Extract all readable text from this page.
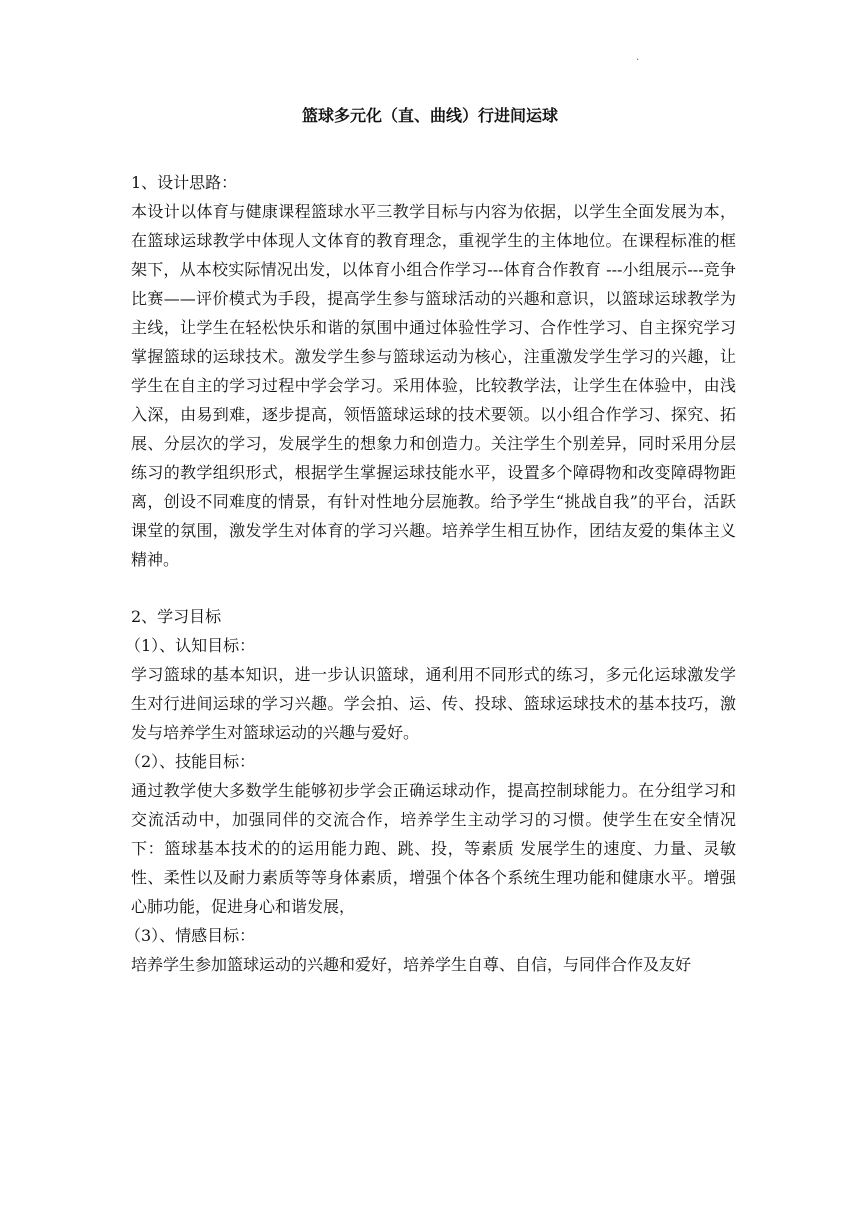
·
篮球多元化（直、曲线）行进间运球

1、设计思路：

本设计以体育与健康课程篮球水平三教学目标与内容为依据，以学生全面发展为本，在篮球运球教学中体现人文体育的教育理念，重视学生的主体地位。在课程标准的框架下，从本校实际情况出发，以体育小组合作学习---体育合作教育 ---小组展示---竞争比赛——评价模式为手段，提高学生参与篮球活动的兴趣和意识，以篮球运球教学为主线，让学生在轻松快乐和谐的氛围中通过体验性学习、合作性学习、自主探究学习掌握篮球的运球技术。激发学生参与篮球运动为核心，注重激发学生学习的兴趣，让学生在自主的学习过程中学会学习。采用体验，比较教学法，让学生在体验中，由浅入深，由易到难，逐步提高，领悟篮球运球的技术要领。以小组合作学习、探究、拓展、分层次的学习，发展学生的想象力和创造力。关注学生个别差异，同时采用分层练习的教学组织形式，根据学生掌握运球技能水平，设置多个障碍物和改变障碍物距离，创设不同难度的情景，有针对性地分层施教。给予学生“挑战自我”的平台，活跃课堂的氛围，激发学生对体育的学习兴趣。培养学生相互协作，团结友爱的集体主义精神。

2、学习目标

（1）、认知目标：

学习篮球的基本知识，进一步认识篮球，通利用不同形式的练习，多元化运球激发学生对行进间运球的学习兴趣。学会拍、运、传、投球、篮球运球技术的基本技巧，激发与培养学生对篮球运动的兴趣与爱好。

（2）、技能目标：

通过教学使大多数学生能够初步学会正确运球动作，提高控制球能力。在分组学习和交流活动中，加强同伴的交流合作，培养学生主动学习的习惯。使学生在安全情况下：篮球基本技术的的运用能力跑、跳、投，等素质 发展学生的速度、力量、灵敏性、柔性以及耐力素质等等身体素质，增强个体各个系统生理功能和健康水平。增强心肺功能，促进身心和谐发展，

（3）、情感目标：

培养学生参加篮球运动的兴趣和爱好，培养学生自尊、自信，与同伴合作及友好
